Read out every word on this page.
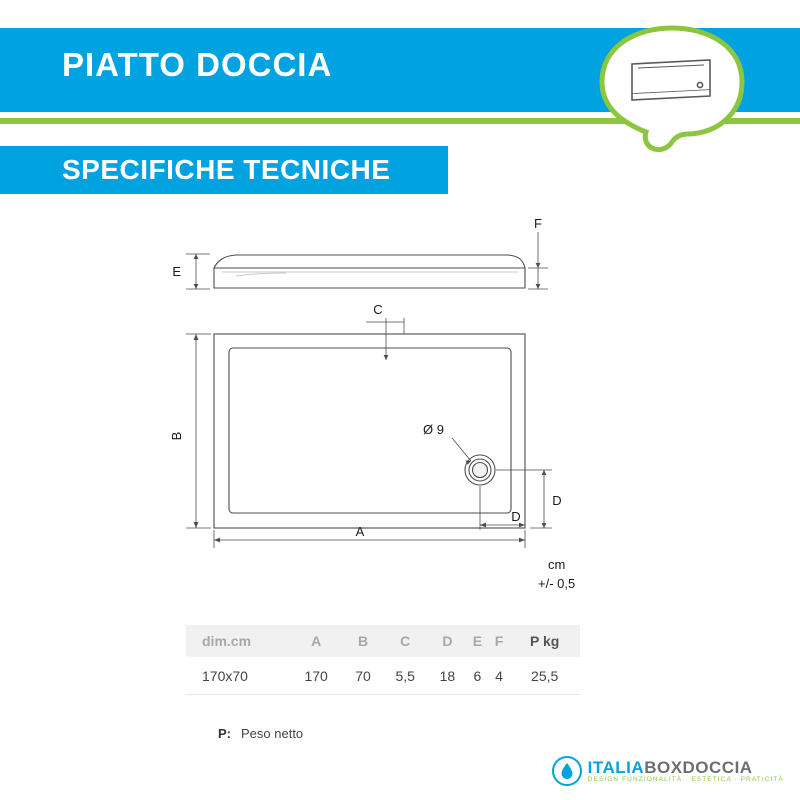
PIATTO DOCCIA
SPECIFICHE TECNICHE
E
F
C
B
A
D
D
Ø 9
cm
+/- 0,5
dim.cm	A	B	C	D	E	F	P kg
170x70	170	70	5,5	18	6	4	25,5
P: Peso netto
ITALIABOXDOCCIA
DESIGN FUNZIONALITÀ · ESTETICA · PRATICITÀ
